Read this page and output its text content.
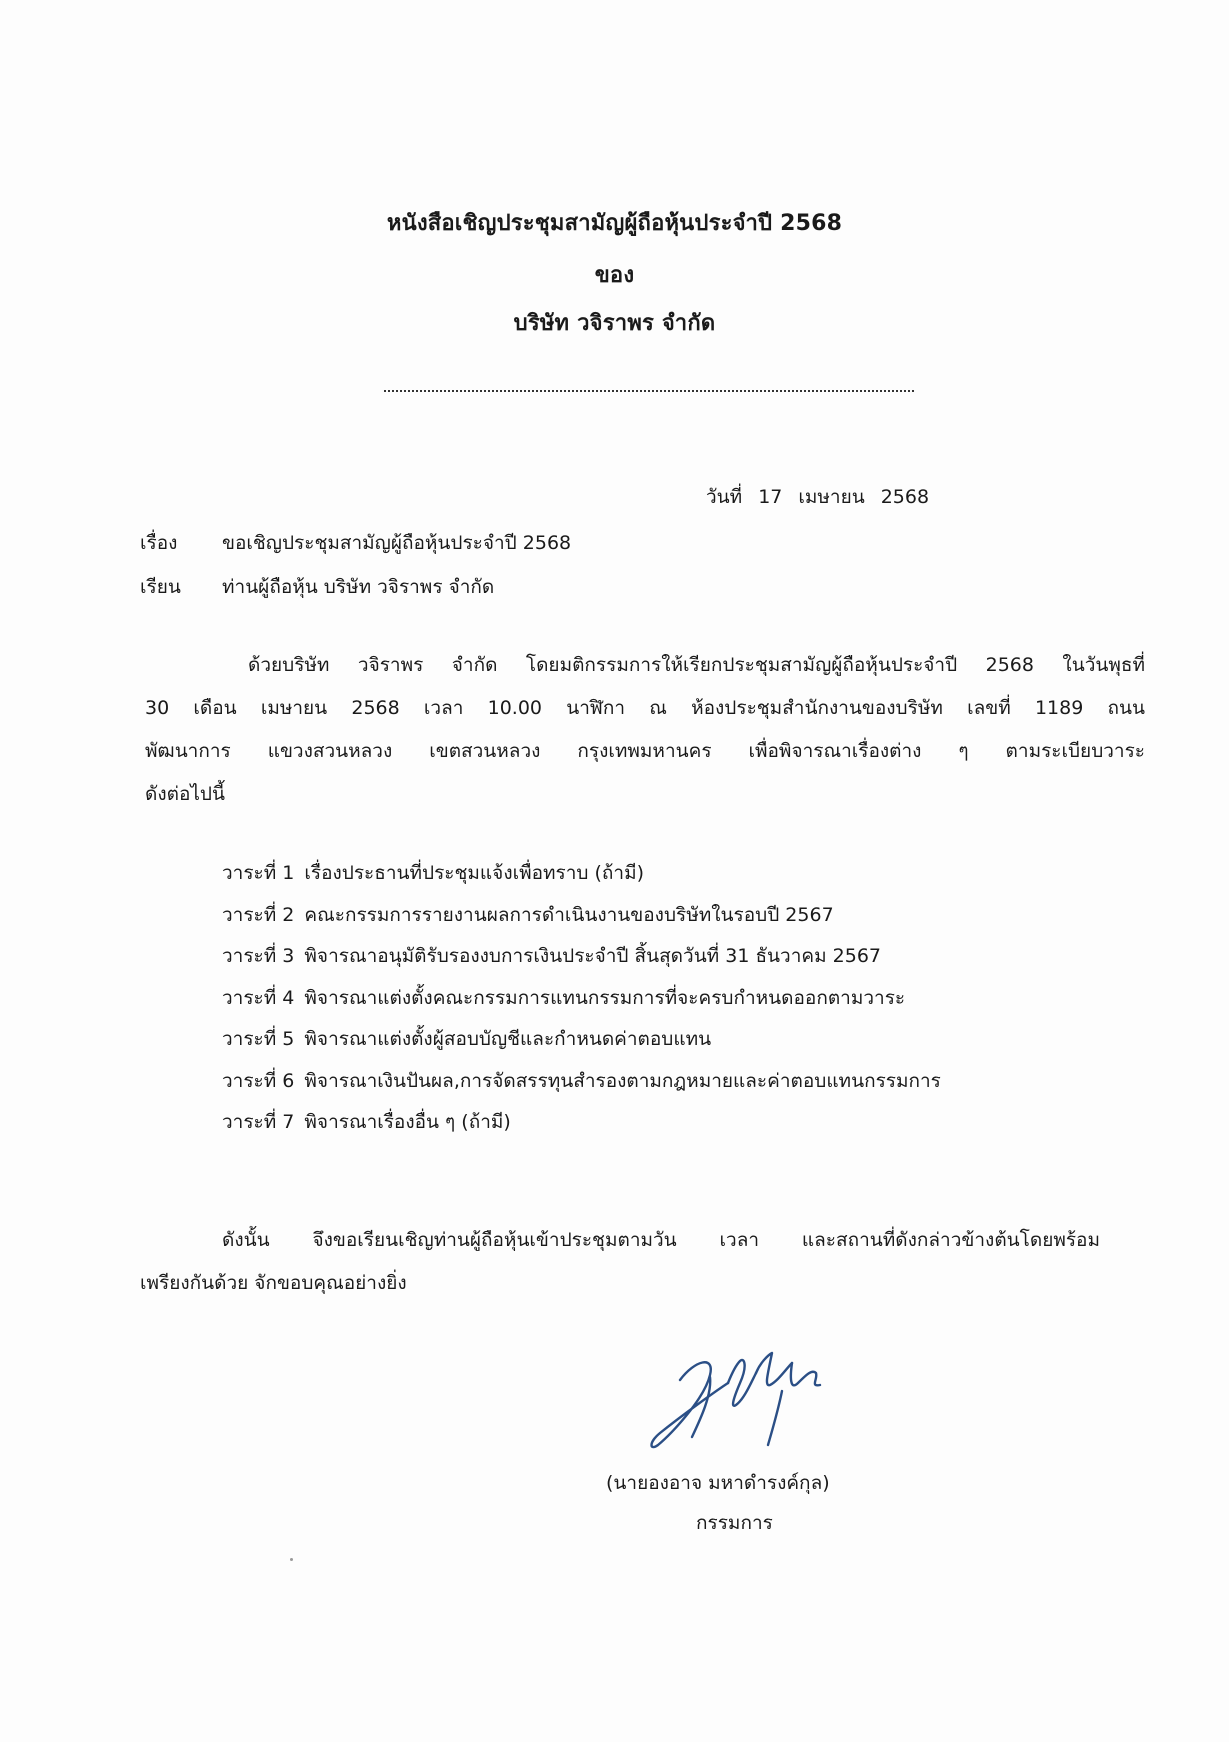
หนังสือเชิญประชุมสามัญผู้ถือหุ้นประจำปี 2568
ของ
บริษัท วจิราพร จำกัด
วันที่ 17 เมษายน 2568
เรื่อง ขอเชิญประชุมสามัญผู้ถือหุ้นประจำปี 2568
เรียน ท่านผู้ถือหุ้น บริษัท วจิราพร จำกัด
ด้วยบริษัท วจิราพร จำกัด โดยมติกรรมการให้เรียกประชุมสามัญผู้ถือหุ้นประจำปี 2568 ในวันพุธที่
30 เดือน เมษายน 2568 เวลา 10.00 นาฬิกา ณ ห้องประชุมสำนักงานของบริษัท เลขที่ 1189 ถนน
พัฒนาการ แขวงสวนหลวง เขตสวนหลวง กรุงเทพมหานคร เพื่อพิจารณาเรื่องต่าง ๆ ตามระเบียบวาระ
ดังต่อไปนี้
วาระที่ 1 เรื่องประธานที่ประชุมแจ้งเพื่อทราบ (ถ้ามี)
วาระที่ 2 คณะกรรมการรายงานผลการดำเนินงานของบริษัทในรอบปี 2567
วาระที่ 3 พิจารณาอนุมัติรับรองงบการเงินประจำปี สิ้นสุดวันที่ 31 ธันวาคม 2567
วาระที่ 4 พิจารณาแต่งตั้งคณะกรรมการแทนกรรมการที่จะครบกำหนดออกตามวาระ
วาระที่ 5 พิจารณาแต่งตั้งผู้สอบบัญชีและกำหนดค่าตอบแทน
วาระที่ 6 พิจารณาเงินปันผล,การจัดสรรทุนสำรองตามกฎหมายและค่าตอบแทนกรรมการ
วาระที่ 7 พิจารณาเรื่องอื่น ๆ (ถ้ามี)
ดังนั้น จึงขอเรียนเชิญท่านผู้ถือหุ้นเข้าประชุมตามวัน เวลา และสถานที่ดังกล่าวข้างต้นโดยพร้อม
เพรียงกันด้วย จักขอบคุณอย่างยิ่ง
(นายองอาจ มหาดำรงค์กุล)
กรรมการ
